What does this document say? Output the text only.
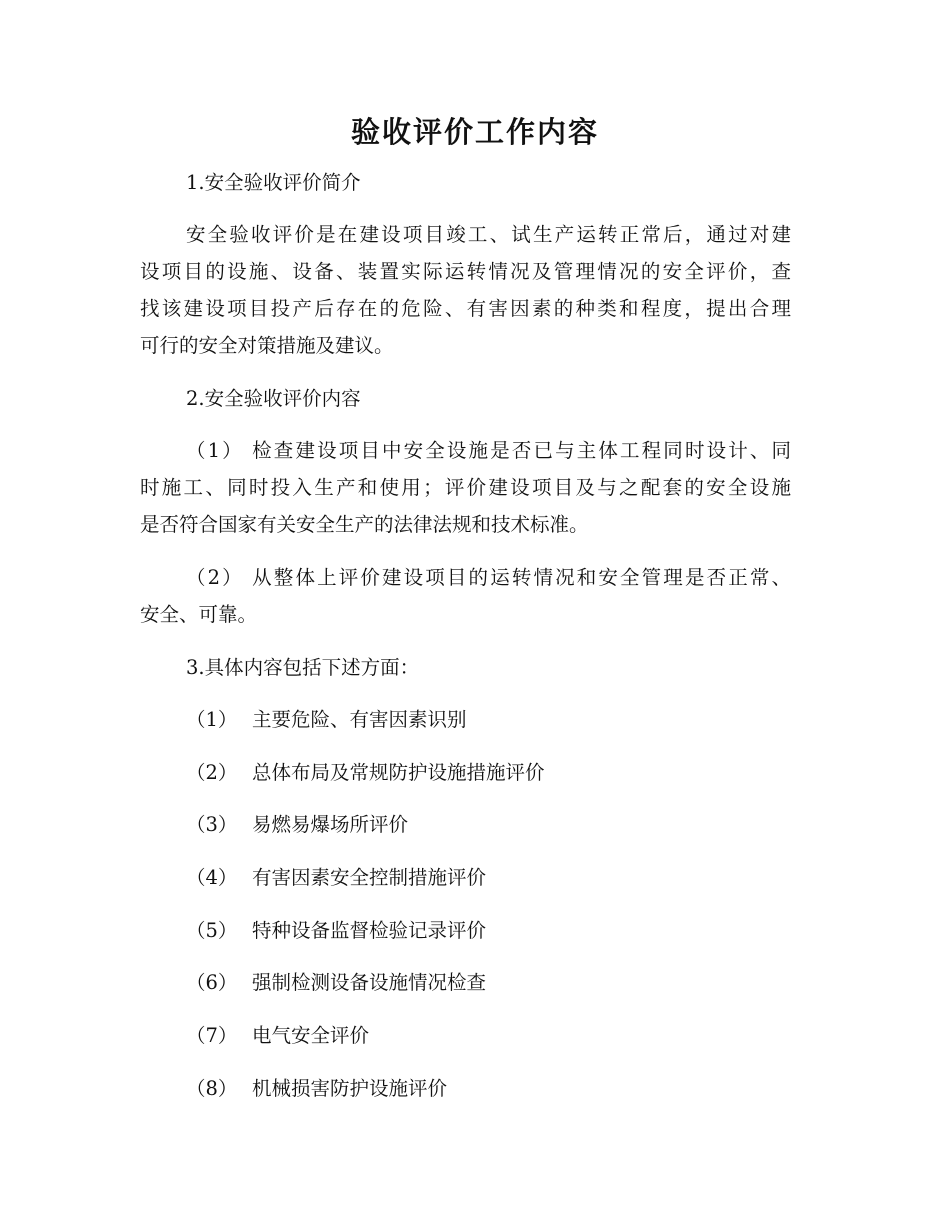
验收评价工作内容
1.安全验收评价简介
安全验收评价是在建设项目竣工、试生产运转正常后，通过对建
设项目的设施、设备、装置实际运转情况及管理情况的安全评价，查
找该建设项目投产后存在的危险、有害因素的种类和程度，提出合理
可行的安全对策措施及建议。
2.安全验收评价内容
（1） 检查建设项目中安全设施是否已与主体工程同时设计、同
时施工、同时投入生产和使用；评价建设项目及与之配套的安全设施
是否符合国家有关安全生产的法律法规和技术标准。
（2） 从整体上评价建设项目的运转情况和安全管理是否正常、
安全、可靠。
3.具体内容包括下述方面：
（1） 主要危险、有害因素识别
（2） 总体布局及常规防护设施措施评价
（3） 易燃易爆场所评价
（4） 有害因素安全控制措施评价
（5） 特种设备监督检验记录评价
（6） 强制检测设备设施情况检查
（7） 电气安全评价
（8） 机械损害防护设施评价
